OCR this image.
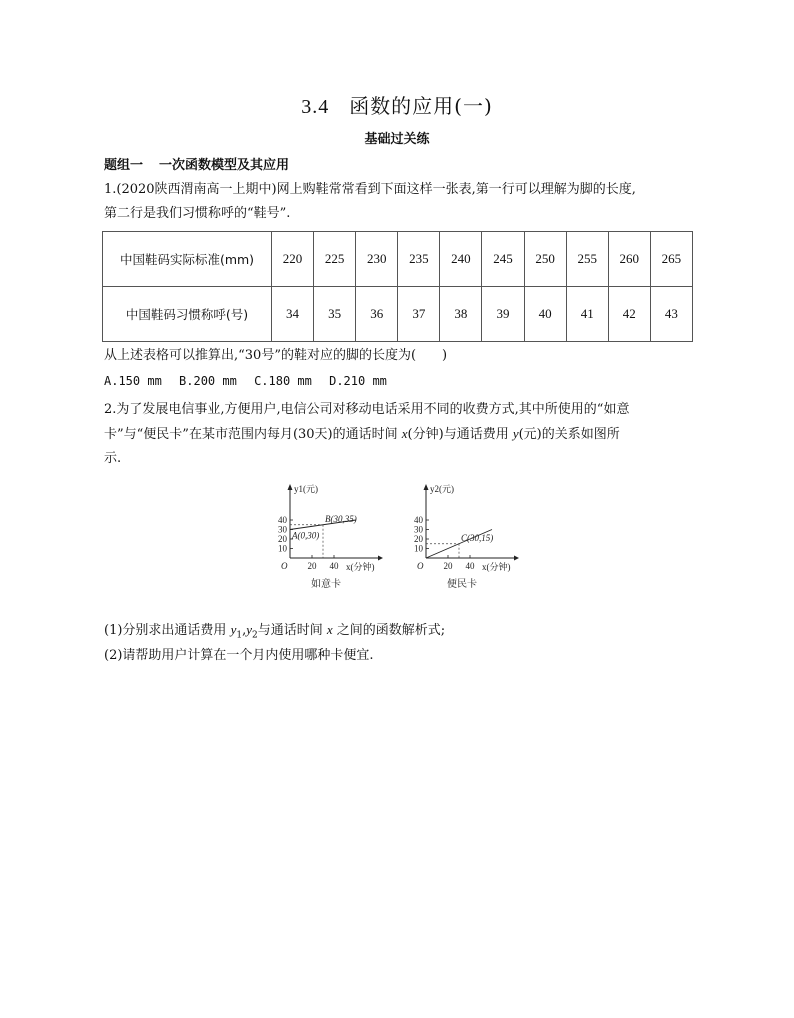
3.4 函数的应用(一)
基础过关练
题组一 一次函数模型及其应用
1.(2020陕西渭南高一上期中)网上购鞋常常看到下面这样一张表,第一行可以理解为脚的长度,
第二行是我们习惯称呼的“鞋号”.
中国鞋码实际标准(mm)	220	225	230	235	240	245	250	255	260	265
中国鞋码习惯称呼(号)	34	35	36	37	38	39	40	41	42	43
从上述表格可以推算出,“30号”的鞋对应的脚的长度为(　　)
A.150 mm B.200 mm C.180 mm D.210 mm
2.为了发展电信事业,方便用户,电信公司对移动电话采用不同的收费方式,其中所使用的“如意
卡”与“便民卡”在某市范围内每月(30天)的通话时间 x(分钟)与通话费用 y(元)的关系如图所
示.
y1(元)
x(分钟)
O
10
20
30
40
20 40
A(0,30)
B(30,35)
y2(元)
x(分钟)
O
10
20
30
40
20 40
C(30,15)
如意卡	便民卡
(1)分别求出通话费用 $y_1,y_2$与通话时间 x 之间的函数解析式;
(2)请帮助用户计算在一个月内使用哪种卡便宜.
